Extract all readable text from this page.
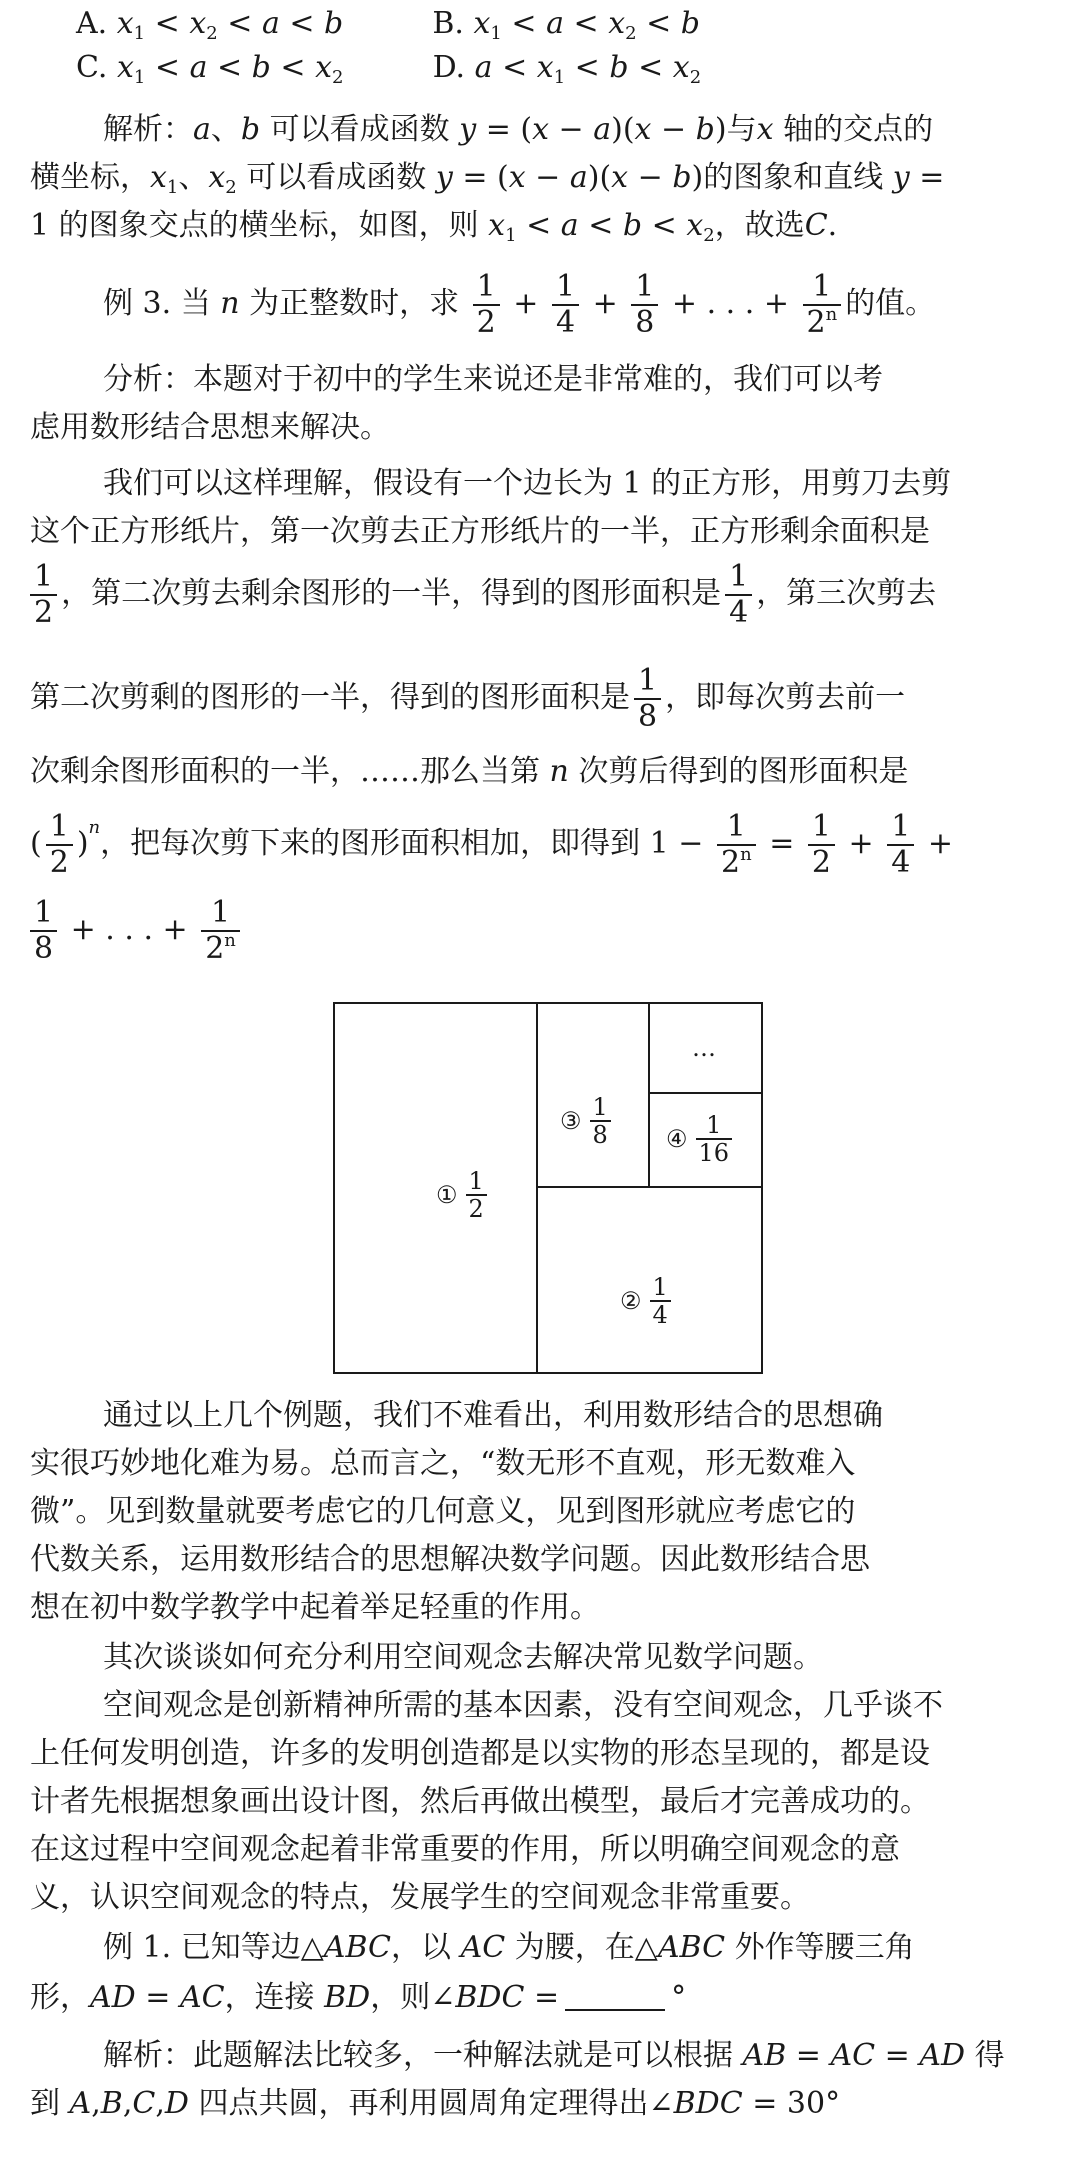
A. $x_1 < x_2 < a < b$	B. $x_1 < a < x_2 < b$
C. $x_1 < a < b < x_2$	D. $a < x_1 < b < x_2$
解析：a、b 可以看成函数 y = (x − a)(x − b)与x 轴的交点的
横坐标，$x_1$、$x_2$ 可以看成函数 y = (x − a)(x − b)的图象和直线 y =
1 的图象交点的横坐标，如图，则 $x_1 < a < b < x_2$，故选C.
例 3. 当 n 为正整数时，求 $\frac{1}{2} + \frac{1}{4} + \frac{1}{8}$ + . . . + $\frac{1}{2^n}$ 的值。
分析：本题对于初中的学生来说还是非常难的，我们可以考
虑用数形结合思想来解决。
我们可以这样理解，假设有一个边长为 1 的正方形，用剪刀去剪
这个正方形纸片，第一次剪去正方形纸片的一半，正方形剩余面积是
$\frac{1}{2}$ ，第二次剪去剩余图形的一半，得到的图形面积是 $\frac{1}{4}$ ，第三次剪去
第二次剪剩的图形的一半，得到的图形面积是 $\frac{1}{8}$ ，即每次剪去前一
次剩余图形面积的一半，……那么当第 n 次剪后得到的图形面积是
( $\frac{1}{2} )^n$，把每次剪下来的图形面积相加，即得到 $1 - \frac{1}{2^n} = \frac{1}{2} + \frac{1}{4}$ +
$\frac{1}{8}$ + . . . + $\frac{1}{2^n}$
① $\frac{1}{2}$
② $\frac{1}{4}$
③ $\frac{1}{8}$ ④ $\frac{1}{16}$
…
通过以上几个例题，我们不难看出，利用数形结合的思想确
实很巧妙地化难为易。总而言之，“数无形不直观，形无数难入
微”。见到数量就要考虑它的几何意义，见到图形就应考虑它的
代数关系，运用数形结合的思想解决数学问题。因此数形结合思
想在初中数学教学中起着举足轻重的作用。
其次谈谈如何充分利用空间观念去解决常见数学问题。
空间观念是创新精神所需的基本因素，没有空间观念，几乎谈不
上任何发明创造，许多的发明创造都是以实物的形态呈现的，都是设
计者先根据想象画出设计图，然后再做出模型，最后才完善成功的。
在这过程中空间观念起着非常重要的作用，所以明确空间观念的意
义，认识空间观念的特点，发展学生的空间观念非常重要。
例 1. 已知等边△ABC，以 AC 为腰，在△ABC 外作等腰三角
形，AD = AC，连接 BD，则∠BDC =	°
解析：此题解法比较多，一种解法就是可以根据 AB = AC = AD 得
到 A,B,C,D 四点共圆，再利用圆周角定理得出∠BDC = 30°
